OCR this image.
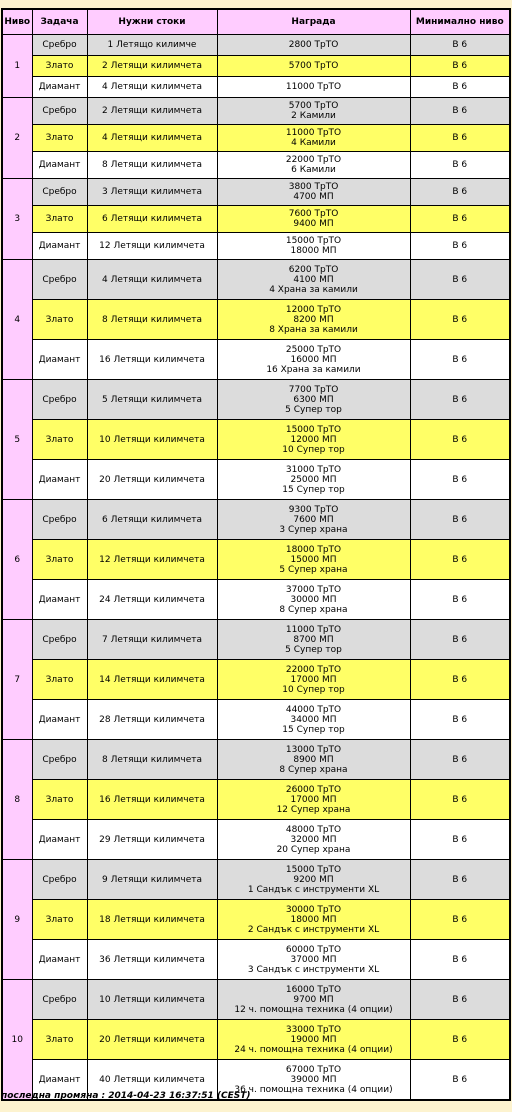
Ниво	Задача	Нужни стоки	Награда	Минимално ниво
1	Сребро	1 Летящо килимче	2800 ТрТО	В 6
	Злато	2 Летящи килимчета	5700 ТрТО	В 6
	Диамант	4 Летящи килимчета	11000 ТрТО	В 6
2	Сребро	2 Летящи килимчета	5700 ТрТО
2 Камили	В 6
	Злато	4 Летящи килимчета	11000 ТрТО
4 Камили	В 6
	Диамант	8 Летящи килимчета	22000 ТрТО
6 Камили	В 6
3	Сребро	3 Летящи килимчета	3800 ТрТО
4700 МП	В 6
	Злато	6 Летящи килимчета	7600 ТрТО
9400 МП	В 6
	Диамант	12 Летящи килимчета	15000 ТрТО
18000 МП	В 6
4	Сребро	4 Летящи килимчета	6200 ТрТО
4100 МП
4 Храна за камили	В 6
	Злато	8 Летящи килимчета	12000 ТрТО
8200 МП
8 Храна за камили	В 6
	Диамант	16 Летящи килимчета	25000 ТрТО
16000 МП
16 Храна за камили	В 6
5	Сребро	5 Летящи килимчета	7700 ТрТО
6300 МП
5 Супер тор	В 6
	Злато	10 Летящи килимчета	15000 ТрТО
12000 МП
10 Супер тор	В 6
	Диамант	20 Летящи килимчета	31000 ТрТО
25000 МП
15 Супер тор	В 6
6	Сребро	6 Летящи килимчета	9300 ТрТО
7600 МП
3 Супер храна	В 6
	Злато	12 Летящи килимчета	18000 ТрТО
15000 МП
5 Супер храна	В 6
	Диамант	24 Летящи килимчета	37000 ТрТО
30000 МП
8 Супер храна	В 6
7	Сребро	7 Летящи килимчета	11000 ТрТО
8700 МП
5 Супер тор	В 6
	Злато	14 Летящи килимчета	22000 ТрТО
17000 МП
10 Супер тор	В 6
	Диамант	28 Летящи килимчета	44000 ТрТО
34000 МП
15 Супер тор	В 6
8	Сребро	8 Летящи килимчета	13000 ТрТО
8900 МП
8 Супер храна	В 6
	Злато	16 Летящи килимчета	26000 ТрТО
17000 МП
12 Супер храна	В 6
	Диамант	29 Летящи килимчета	48000 ТрТО
32000 МП
20 Супер храна	В 6
9	Сребро	9 Летящи килимчета	15000 ТрТО
9200 МП
1 Сандък с инструменти XL	В 6
	Злато	18 Летящи килимчета	30000 ТрТО
18000 МП
2 Сандък с инструменти XL	В 6
	Диамант	36 Летящи килимчета	60000 ТрТО
37000 МП
3 Сандък с инструменти XL	В 6
10	Сребро	10 Летящи килимчета	16000 ТрТО
9700 МП
12 ч. помощна техника (4 опции)	В 6
	Злато	20 Летящи килимчета	33000 ТрТО
19000 МП
24 ч. помощна техника (4 опции)	В 6
	Диамант	40 Летящи килимчета	67000 ТрТО
39000 МП
36 ч. помощна техника (4 опции)	В 6
последна промяна : 2014-04-23 16:37:51 (CEST)
